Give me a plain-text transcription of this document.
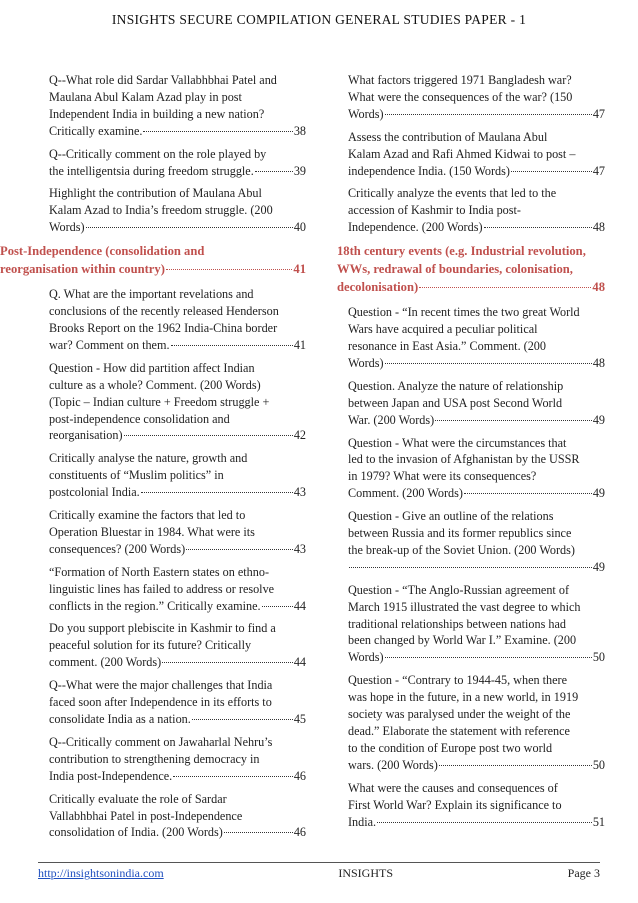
INSIGHTS SECURE COMPILATION GENERAL STUDIES PAPER - 1
Q--What role did Sardar Vallabhbhai Patel and
Maulana Abul Kalam Azad play in post
Independent India in building a new nation?
Critically examine.	38
Q--Critically comment on the role played by
the intelligentsia during freedom struggle.	39
Highlight the contribution of Maulana Abul
Kalam Azad to India’s freedom struggle. (200
Words)	40
Post-Independence (consolidation and
reorganisation within country)	41
Q. What are the important revelations and
conclusions of the recently released Henderson
Brooks Report on the 1962 India-China border
war? Comment on them.	41
Question - How did partition affect Indian
culture as a whole? Comment. (200 Words)
(Topic – Indian culture + Freedom struggle +
post-independence consolidation and
reorganisation)	42
Critically analyse the nature, growth and
constituents of “Muslim politics” in
postcolonial India.	43
Critically examine the factors that led to
Operation Bluestar in 1984. What were its
consequences? (200 Words)	43
“Formation of North Eastern states on ethno-
linguistic lines has failed to address or resolve
conflicts in the region.” Critically examine.	44
Do you support plebiscite in Kashmir to find a
peaceful solution for its future? Critically
comment. (200 Words)	44
Q--What were the major challenges that India
faced soon after Independence in its efforts to
consolidate India as a nation.	45
Q--Critically comment on Jawaharlal Nehru’s
contribution to strengthening democracy in
India post-Independence.	46
Critically evaluate the role of Sardar
Vallabhbhai Patel in post-Independence
consolidation of India. (200 Words)	46
What factors triggered 1971 Bangladesh war?
What were the consequences of the war? (150
Words)	47
Assess the contribution of Maulana Abul
Kalam Azad and Rafi Ahmed Kidwai to post –
independence India. (150 Words)	47
Critically analyze the events that led to the
accession of Kashmir to India post-
Independence. (200 Words)	48
18th century events (e.g. Industrial revolution,
WWs, redrawal of boundaries, colonisation,
decolonisation)	48
Question - “In recent times the two great World
Wars have acquired a peculiar political
resonance in East Asia.” Comment. (200
Words)	48
Question. Analyze the nature of relationship
between Japan and USA post Second World
War. (200 Words)	49
Question - What were the circumstances that
led to the invasion of Afghanistan by the USSR
in 1979? What were its consequences?
Comment. (200 Words)	49
Question - Give an outline of the relations
between Russia and its former republics since
the break-up of the Soviet Union. (200 Words)
49
Question - “The Anglo-Russian agreement of
March 1915 illustrated the vast degree to which
traditional relationships between nations had
been changed by World War I.” Examine. (200
Words)	50
Question - “Contrary to 1944-45, when there
was hope in the future, in a new world, in 1919
society was paralysed under the weight of the
dead.” Elaborate the statement with reference
to the condition of Europe post two world
wars. (200 Words)	50
What were the causes and consequences of
First World War? Explain its significance to
India.	51
http://insightsonindia.com	INSIGHTS	Page 3
